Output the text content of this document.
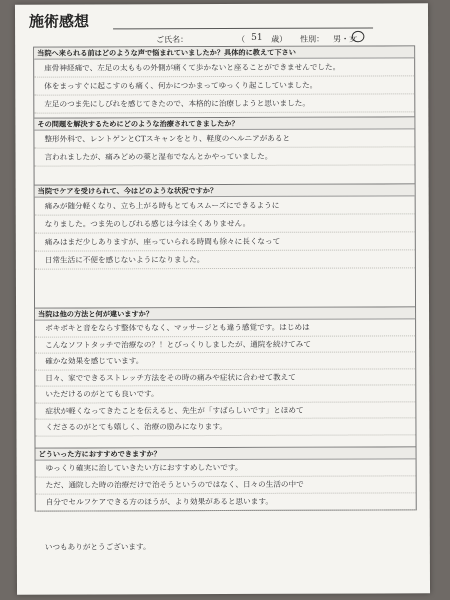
施術感想
ご氏名：	（ 51 歳） 性別： 男・女
当院へ来られる前はどのような声で悩まれていましたか？具体的に教えて下さい
座骨神経痛で、左足の太ももの外側が痛くて歩かないと座ることができませんでした。
体をまっすぐに起こすのも痛く、何かにつかまってゆっくり起こしていました。
左足のつま先にしびれを感じてきたので、本格的に治療しようと思いました。
その問題を解決するためにどのような治療されてきましたか？
整形外科で、レントゲンとCTスキャンをとり、軽度のヘルニアがあると
言われましたが、痛みどめの薬と湿布でなんとかやっていました。
当院でケアを受けられて、今はどのような状況ですか？
痛みが随分軽くなり、立ち上がる時もとてもスムーズにできるように
なりました。つま先のしびれる感じは今は全くありません。
痛みはまだ少しありますが、座っていられる時間も徐々に長くなって
日常生活に不便を感じないようになりました。
当院は他の方法と何が違いますか？
ボキボキと音をならす整体でもなく、マッサージとも違う感覚です。はじめは
こんなソフトタッチで治療なの？！とびっくりしましたが、通院を続けてみて
確かな効果を感じています。
日々、家でできるストレッチ方法をその時の痛みや症状に合わせて教えて
いただけるのがとても良いです。
症状が軽くなってきたことを伝えると、先生が「すばらしいです」とほめて
くださるのがとても嬉しく、治療の励みになります。
どういった方におすすめできますか？
ゆっくり確実に治していきたい方におすすめしたいです。
ただ、通院した時の治療だけで治そうというのではなく、日々の生活の中で
自分でセルフケアできる方のほうが、より効果があると思います。
いつもありがとうございます。
